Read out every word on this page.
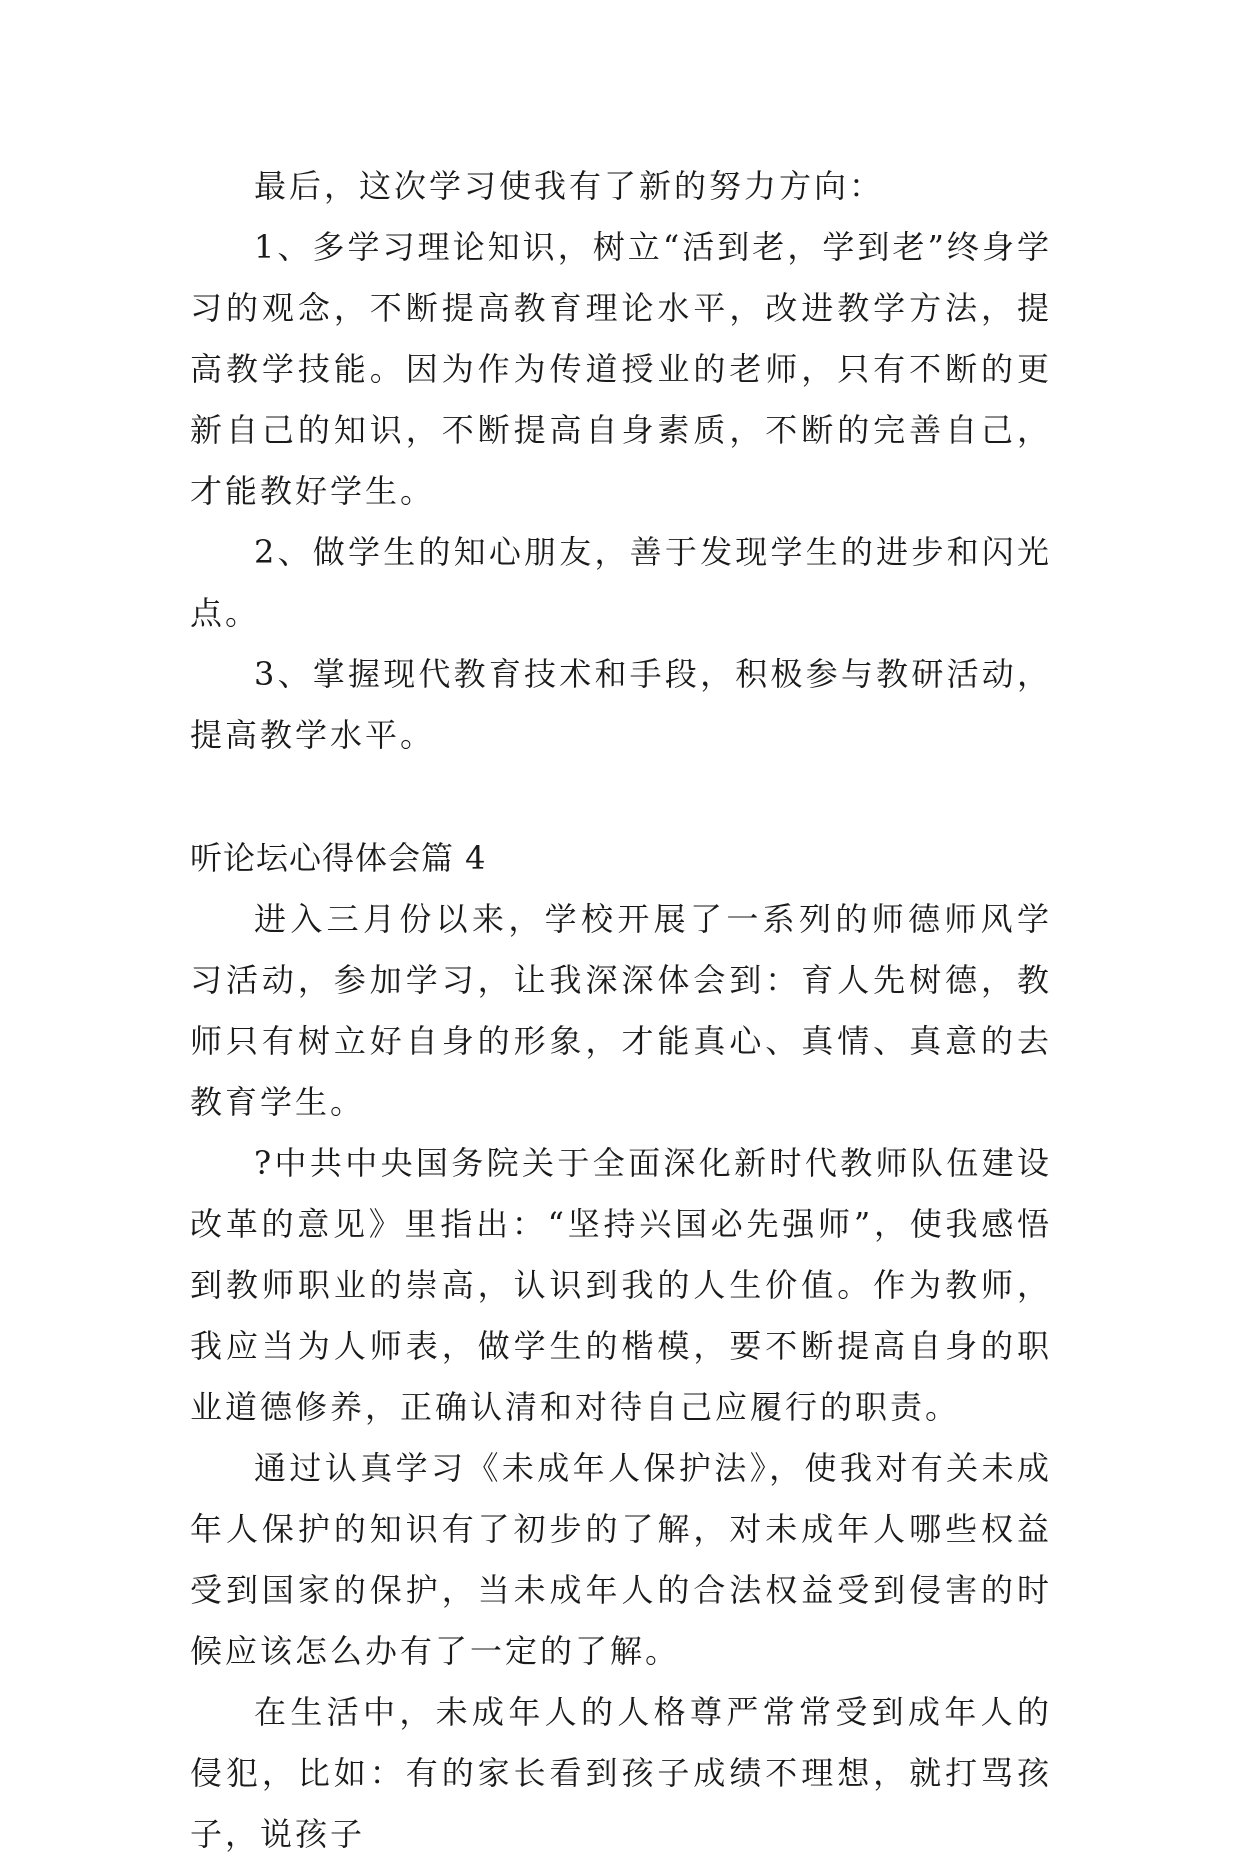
最后，这次学习使我有了新的努力方向：

1、多学习理论知识，树立“活到老，学到老”终身学习的观念，不断提高教育理论水平，改进教学方法，提高教学技能。因为作为传道授业的老师，只有不断的更新自己的知识，不断提高自身素质，不断的完善自己，才能教好学生。

2、做学生的知心朋友，善于发现学生的进步和闪光点。

3、掌握现代教育技术和手段，积极参与教研活动，提高教学水平。

听论坛心得体会篇 4

进入三月份以来，学校开展了一系列的师德师风学习活动，参加学习，让我深深体会到：育人先树德，教师只有树立好自身的形象，才能真心、真情、真意的去教育学生。

?中共中央国务院关于全面深化新时代教师队伍建设改革的意见》里指出：“坚持兴国必先强师”，使我感悟到教师职业的崇高，认识到我的人生价值。作为教师，我应当为人师表，做学生的楷模，要不断提高自身的职业道德修养，正确认清和对待自己应履行的职责。

通过认真学习《未成年人保护法》，使我对有关未成年人保护的知识有了初步的了解，对未成年人哪些权益受到国家的保护，当未成年人的合法权益受到侵害的时候应该怎么办有了一定的了解。

在生活中，未成年人的人格尊严常常受到成年人的侵犯，比如：有的家长看到孩子成绩不理想，就打骂孩子，说孩子
